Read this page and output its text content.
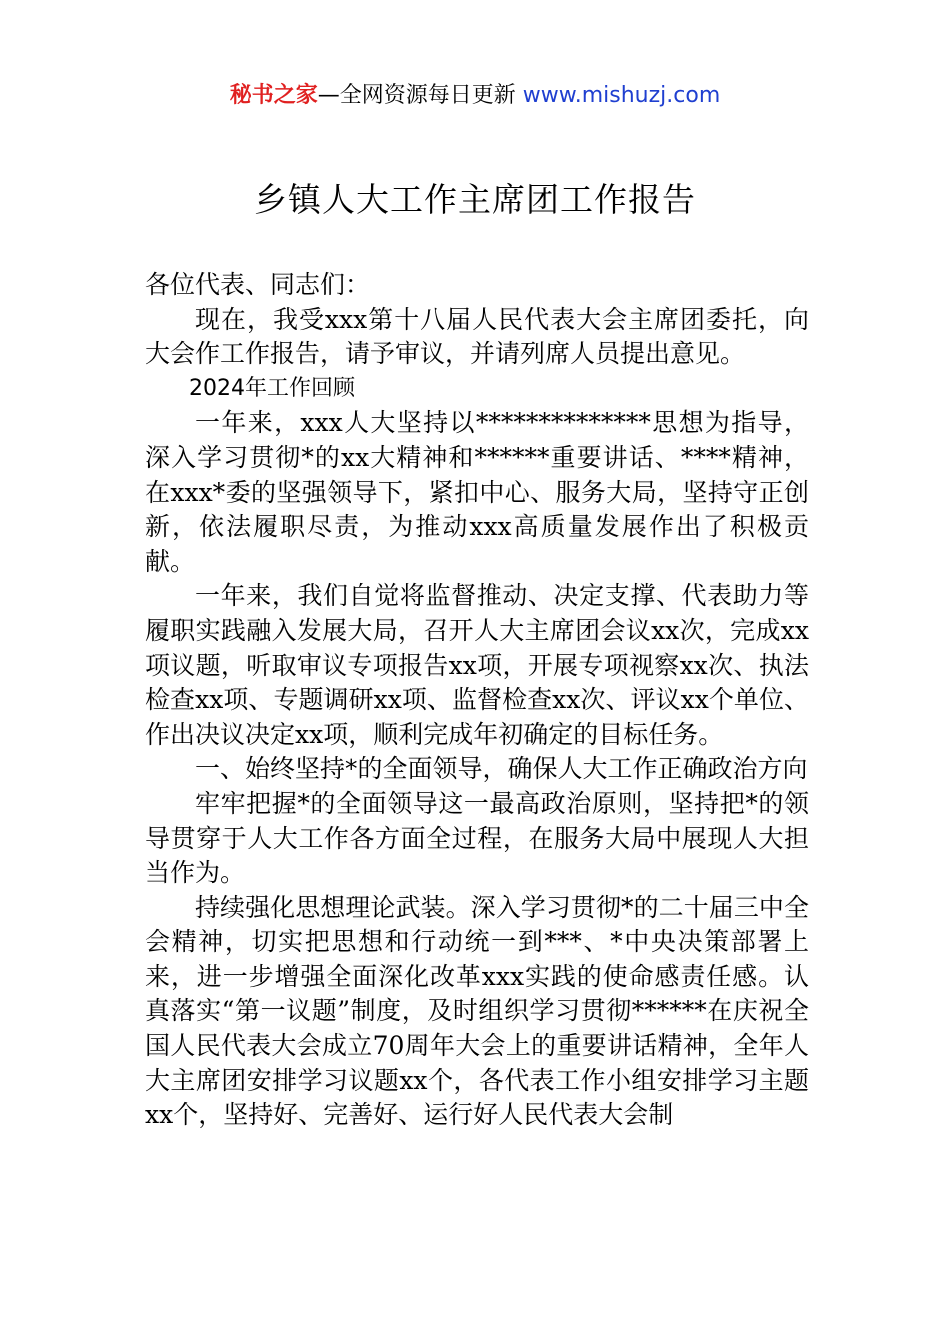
秘书之家—全网资源每日更新 www.mishuzj.com
乡镇人大工作主席团工作报告

各位代表、同志们：

现在，我受xxx第十八届人民代表大会主席团委托，向大会作工作报告，请予审议，并请列席人员提出意见。

2024年工作回顾

一年来，xxx人大坚持以**************思想为指导，深入学习贯彻*的xx大精神和******重要讲话、****精神，在xxx*委的坚强领导下，紧扣中心、服务大局，坚持守正创新，依法履职尽责，为推动xxx高质量发展作出了积极贡献。

一年来，我们自觉将监督推动、决定支撑、代表助力等履职实践融入发展大局，召开人大主席团会议xx次，完成xx项议题，听取审议专项报告xx项，开展专项视察xx次、执法检查xx项、专题调研xx项、监督检查xx次、评议xx个单位、作出决议决定xx项，顺利完成年初确定的目标任务。

一、始终坚持*的全面领导，确保人大工作正确政治方向

牢牢把握*的全面领导这一最高政治原则，坚持把*的领导贯穿于人大工作各方面全过程，在服务大局中展现人大担当作为。

持续强化思想理论武装。深入学习贯彻*的二十届三中全会精神，切实把思想和行动统一到***、*中央决策部署上来，进一步增强全面深化改革xxx实践的使命感责任感。认真落实“第一议题”制度，及时组织学习贯彻******在庆祝全国人民代表大会成立70周年大会上的重要讲话精神，全年人大主席团安排学习议题xx个，各代表工作小组安排学习主题xx个，坚持好、完善好、运行好人民代表大会制
